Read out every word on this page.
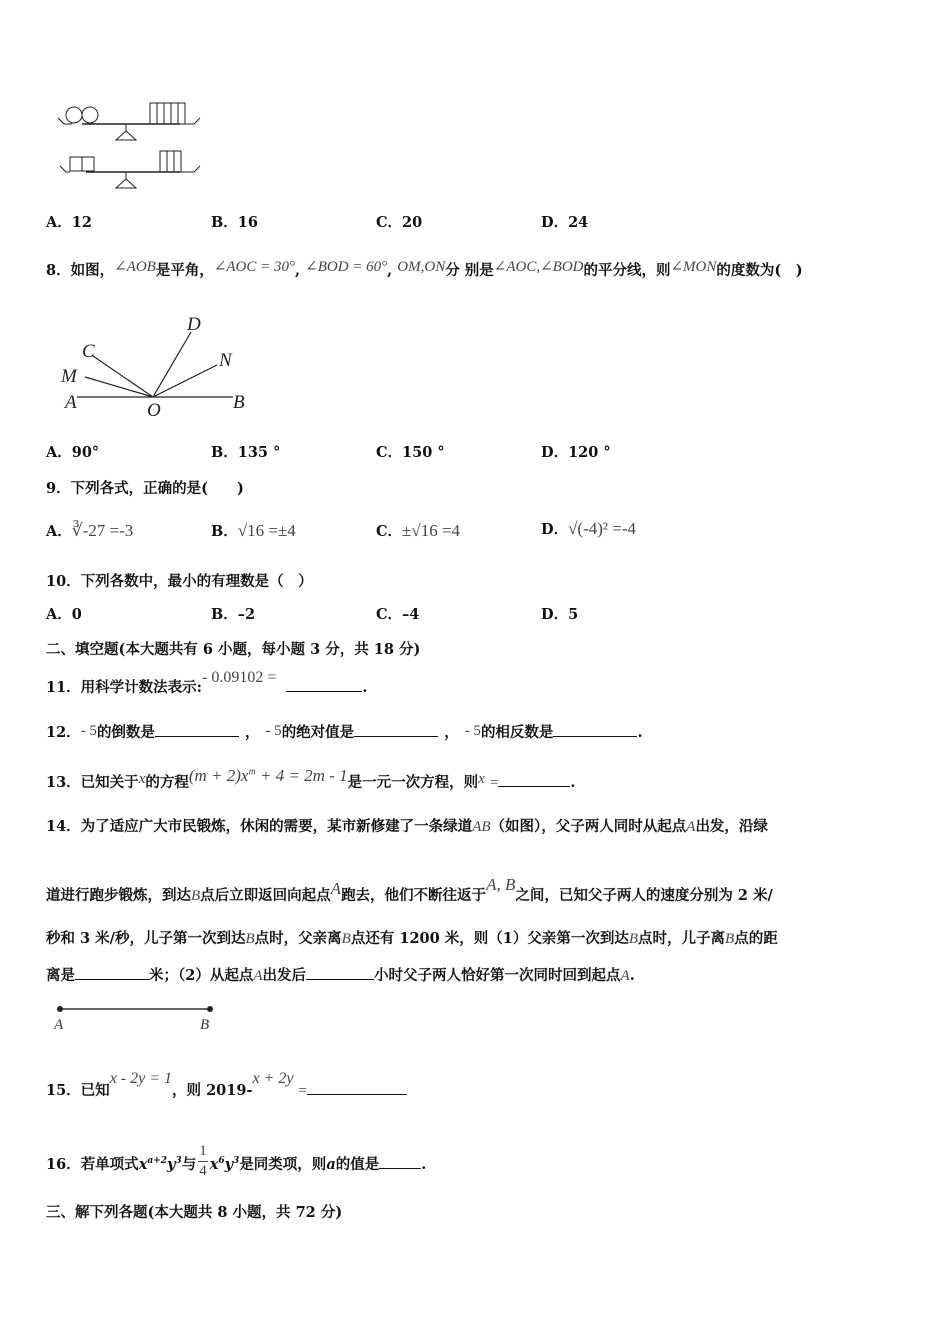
A．12	B．16	C．20	D．24
8．如图，∠AOB是平角，∠AOC = 30°, ∠BOD = 60°, OM,ON分 别是∠AOC,∠BOD的平分线，则∠MON的度数为(　)
C
M
A	O	B
D
N
A．90°	B．135 °	C．150 °	D．120 °
9．下列各式，正确的是(　　)
A．∛-27 =-3	B．√16 =±4	C．±√16 =4	D．√(-4)² =-4
10．下列各数中，最小的有理数是（　）
A．0	B．–2	C．–4	D．5
二、填空题(本大题共有 6 小题，每小题 3 分，共 18 分)
11．用科学计数法表示:- 0.09102 =.
12．- 5的倒数是	， - 5的绝对值是	， - 5的相反数是	.
13．已知关于x的方程$(m + 2)x^m + 4 = 2m - 1$是一元一次方程，则x =	.
14．为了适应广大市民锻炼，休闲的需要，某市新修建了一条绿道AB（如图），父子两人同时从起点A出发，沿绿
道进行跑步锻炼，到达B点后立即返回向起点A跑去，他们不断往返于A, B之间，已知父子两人的速度分别为 2 米/
秒和 3 米/秒，儿子第一次到达B点时，父亲离B点还有 1200 米，则（1）父亲第一次到达B点时，儿子离B点的距
离是	米；（2）从起点A出发后	小时父子两人恰好第一次同时回到起点A.
A	B
15．已知x - 2y = 1，则 2019-x + 2y =
16．若单项式$x^{a+2}y^3$与 $\frac{1}{4} x^6y^3$是同类项，则a的值是	.
三、解下列各题(本大题共 8 小题，共 72 分)
